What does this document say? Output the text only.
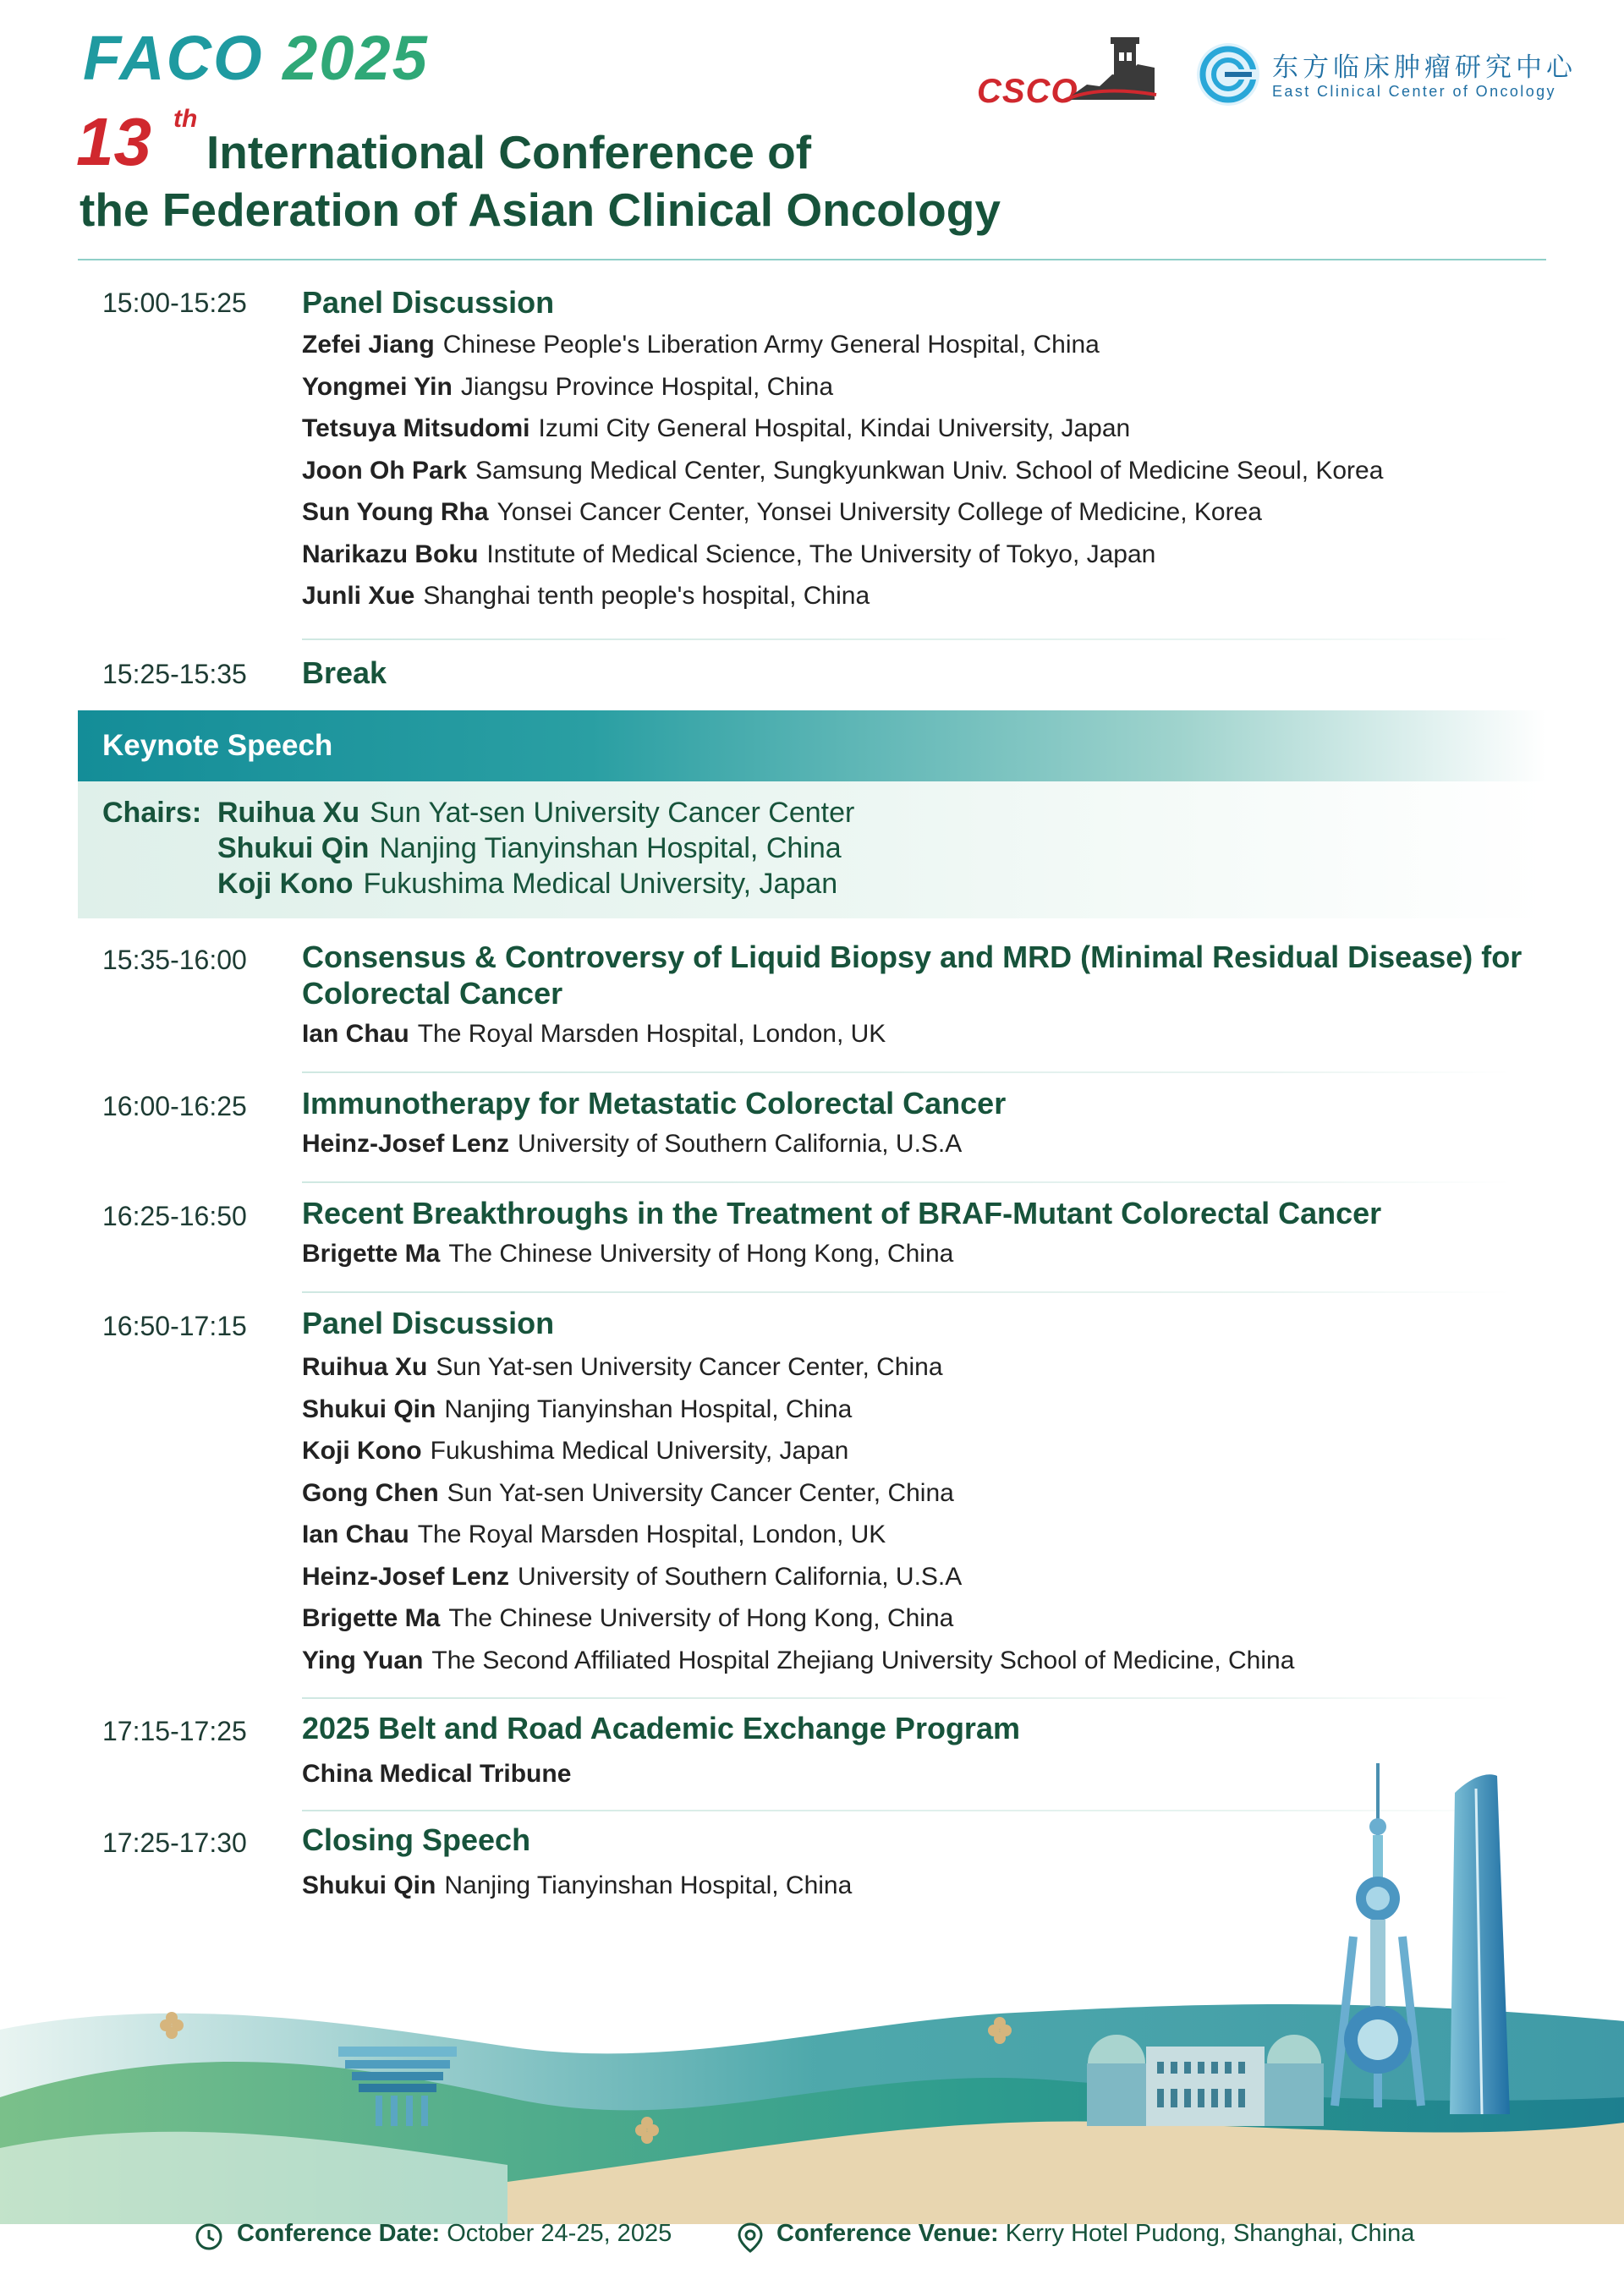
FACO 2025
13 th
International Conference of
the Federation of Asian Clinical Oncology
CSCO
东方临床肿瘤研究中心
East Clinical Center of Oncology
15:00-15:25 Panel Discussion
Zefei Jiang Chinese People's Liberation Army General Hospital, China
Yongmei Yin Jiangsu Province Hospital, China
Tetsuya Mitsudomi Izumi City General Hospital, Kindai University, Japan
Joon Oh Park Samsung Medical Center, Sungkyunkwan Univ. School of Medicine Seoul, Korea
Sun Young Rha Yonsei Cancer Center, Yonsei University College of Medicine, Korea
Narikazu Boku Institute of Medical Science, The University of Tokyo, Japan
Junli Xue Shanghai tenth people's hospital, China
15:25-15:35 Break
Keynote Speech
Chairs: Ruihua Xu Sun Yat-sen University Cancer Center
Shukui Qin Nanjing Tianyinshan Hospital, China
Koji Kono Fukushima Medical University, Japan
15:35-16:00 Consensus & Controversy of Liquid Biopsy and MRD (Minimal Residual Disease) for
Colorectal Cancer
Ian Chau The Royal Marsden Hospital, London, UK
16:00-16:25 Immunotherapy for Metastatic Colorectal Cancer
Heinz-Josef Lenz University of Southern California, U.S.A
16:25-16:50 Recent Breakthroughs in the Treatment of BRAF-Mutant Colorectal Cancer
Brigette Ma The Chinese University of Hong Kong, China
16:50-17:15 Panel Discussion
Ruihua Xu Sun Yat-sen University Cancer Center, China
Shukui Qin Nanjing Tianyinshan Hospital, China
Koji Kono Fukushima Medical University, Japan
Gong Chen Sun Yat-sen University Cancer Center, China
Ian Chau The Royal Marsden Hospital, London, UK
Heinz-Josef Lenz University of Southern California, U.S.A
Brigette Ma The Chinese University of Hong Kong, China
Ying Yuan The Second Affiliated Hospital Zhejiang University School of Medicine, China
17:15-17:25 2025 Belt and Road Academic Exchange Program
China Medical Tribune
17:25-17:30 Closing Speech
Shukui Qin Nanjing Tianyinshan Hospital, China
Conference Date: October 24-25, 2025	Conference Venue: Kerry Hotel Pudong, Shanghai, China
